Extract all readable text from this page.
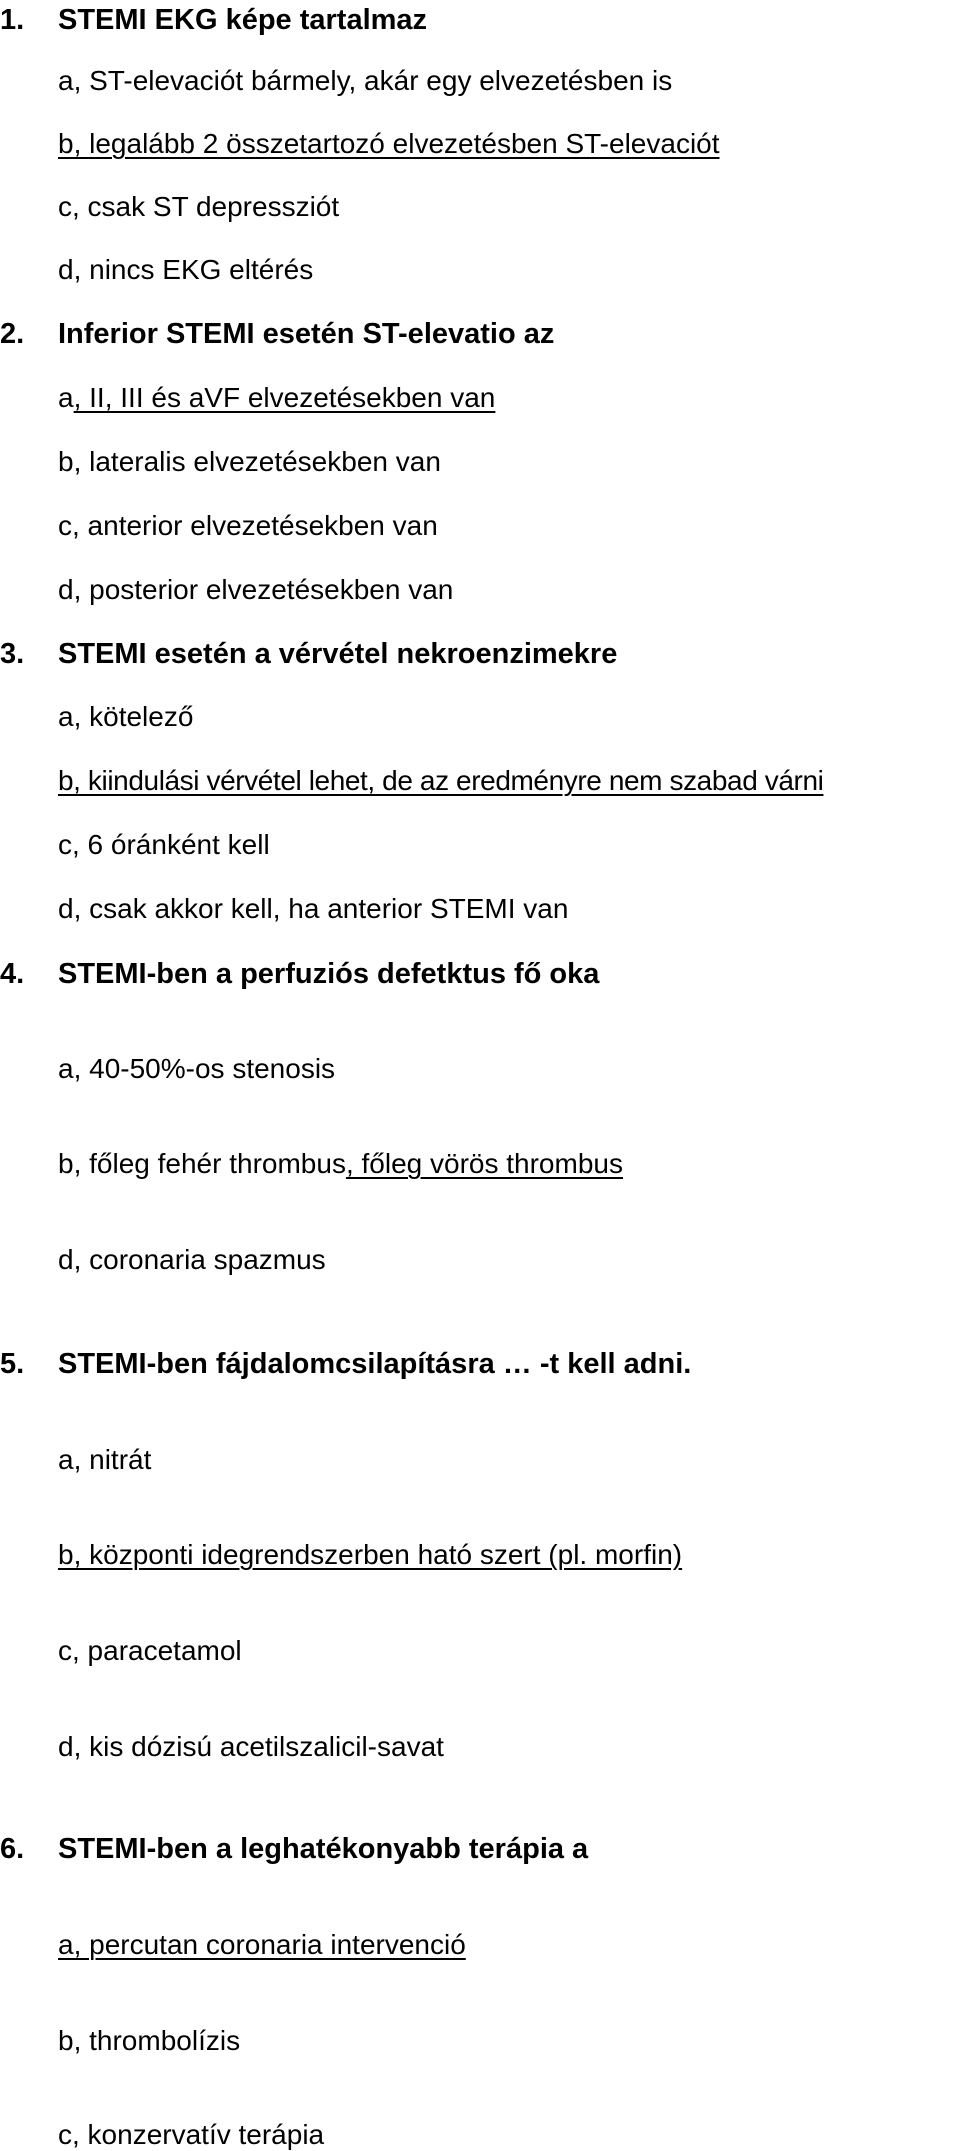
1. STEMI EKG képe tartalmaz
a, ST-elevaciót bármely, akár egy elvezetésben is
b, legalább 2 összetartozó elvezetésben ST-elevaciót
c, csak ST depressziót
d, nincs EKG eltérés
2. Inferior STEMI esetén ST-elevatio az
a, II, III és aVF elvezetésekben van
b, lateralis elvezetésekben van
c, anterior elvezetésekben van
d, posterior elvezetésekben van
3. STEMI esetén a vérvétel nekroenzimekre
a, kötelező
b, kiindulási vérvétel lehet, de az eredményre nem szabad várni
c, 6 óránként kell
d, csak akkor kell, ha anterior STEMI van
4. STEMI-ben a perfuziós defetktus fő oka
a, 40-50%-os stenosis
b, főleg fehér thrombus, főleg vörös thrombus
d, coronaria spazmus
5. STEMI-ben fájdalomcsilapításra … -t kell adni.
a, nitrát
b, központi idegrendszerben ható szert (pl. morfin)
c, paracetamol
d, kis dózisú acetilszalicil-savat
6. STEMI-ben a leghatékonyabb terápia a
a, percutan coronaria intervenció
b, thrombolízis
c, konzervatív terápia
